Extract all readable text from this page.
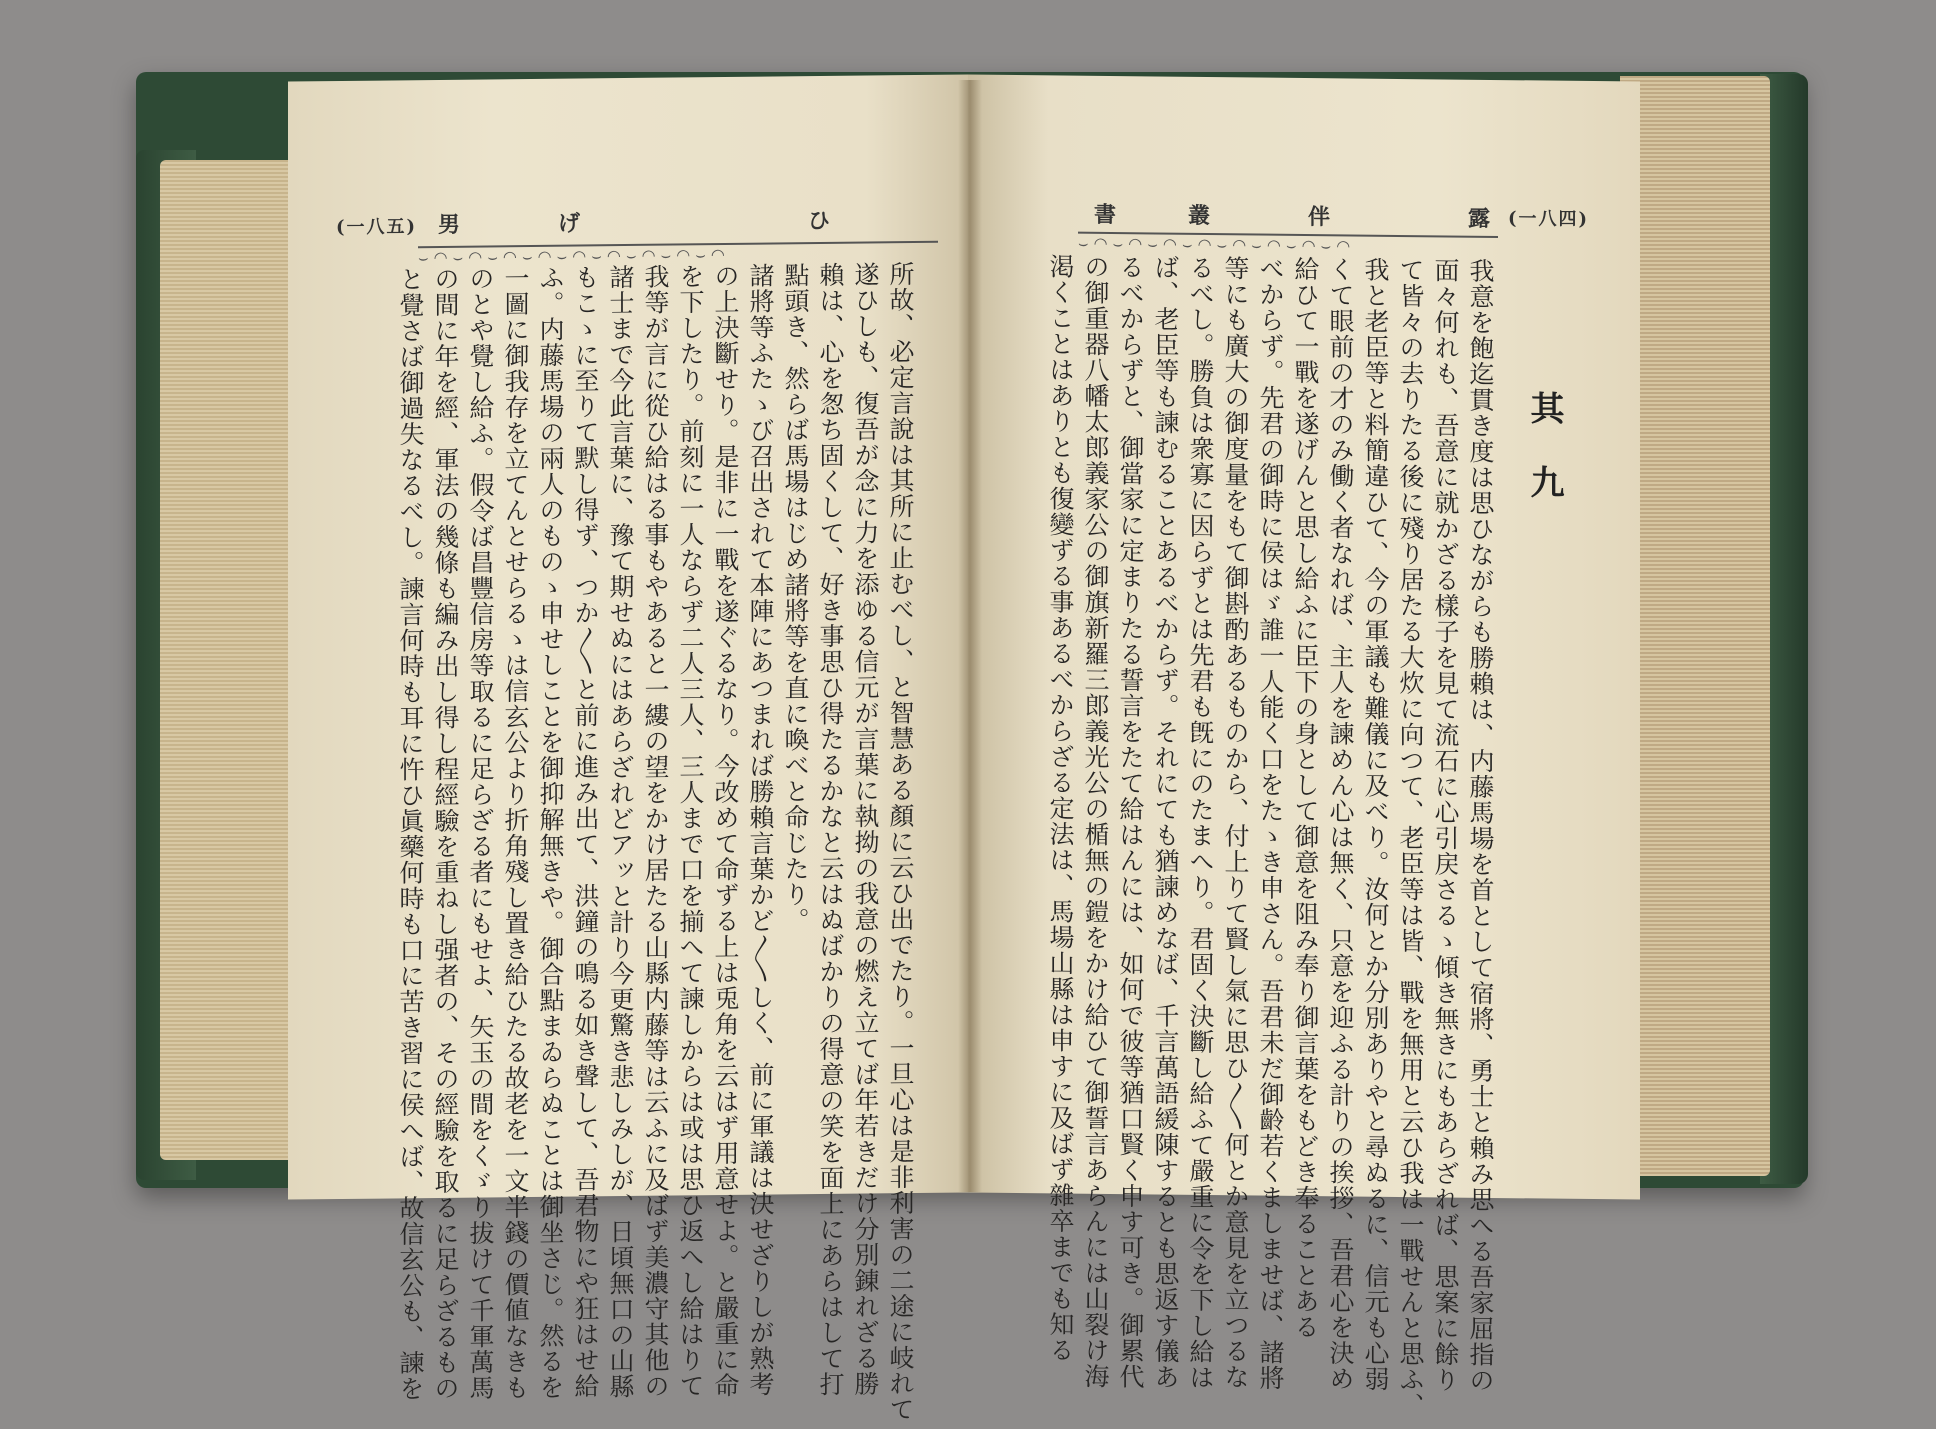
(一八五) 男	げ	ひ
⌣ ◠ ⌣ ◠ ⌣ ◠ ⌣ ◠ ⌣ ◠ ⌣ ◠ ⌣ ◠ ⌣ ◠ ⌣ ◠
所故、必定言說は其所に止むべし、と智慧ある顏に云ひ出でたり。一旦心は是非利害の二途に岐れて
遂ひしも、復吾が念に力を添ゆる信元が言葉に執拗の我意の燃え立てば年若きだけ分別錬れざる勝
賴は、心を怱ち固くして、好き事思ひ得たるかなと云はぬばかりの得意の笑を面上にあらはして打
點頭き、然らば馬場はじめ諸將等を直に喚べと命じたり。
諸將等ふたゝび召出されて本陣にあつまれば勝賴言葉かど〳〵しく、前に軍議は決せざりしが熟考
の上決斷せり。是非に一戰を遂ぐるなり。今改めて命ずる上は兎角を云はず用意せよ。と嚴重に命
を下したり。前刻に一人ならず二人三人、三人まで口を揃へて諫しからは或は思ひ返へし給はりて
我等が言に從ひ給はる事もやあると一縷の望をかけ居たる山縣内藤等は云ふに及ばず美濃守其他の
諸士まで今此言葉に、豫て期せぬにはあらざれどアッと計り今更驚き悲しみしが、日頃無口の山縣
もこゝに至りて默し得ず、つか〳〵と前に進み出て、洪鐘の鳴る如き聲して、吾君物にや狂はせ給
ふ。内藤馬場の兩人のものゝ申せしことを御抑解無きや。御合點まゐらぬことは御坐さじ。然るを
一圖に御我存を立てんとせらるゝは信玄公より折角殘し置き給ひたる故老を一文半錢の價値なきも
のとや覺し給ふ。假令ば昌豐信房等取るに足らざる者にもせよ、矢玉の間をくゞり拔けて千軍萬馬
の間に年を經、軍法の幾條も編み出し得し程經驗を重ねし强者の、その經驗を取るに足らざるもの
と覺さば御過失なるべし。諫言何時も耳に忤ひ眞藥何時も口に苦き習に侯へば、故信玄公も、諫を
書	叢	伴	露 (一八四)
⌣ ◠ ⌣ ◠ ⌣ ◠ ⌣ ◠ ⌣ ◠ ⌣ ◠ ⌣ ◠ ⌣ ◠
其九
我意を飽迄貫き度は思ひながらも勝賴は、内藤馬場を首として宿將、勇士と賴み思へる吾家屈指の
面々何れも、吾意に就かざる樣子を見て流石に心引戻さるゝ傾き無きにもあらざれば、思案に餘り
て皆々の去りたる後に殘り居たる大炊に向つて、老臣等は皆、戰を無用と云ひ我は一戰せんと思ふ、
我と老臣等と料簡違ひて、今の軍議も難儀に及べり。汝何とか分別ありやと尋ぬるに、信元も心弱
くて眼前の才のみ働く者なれば、主人を諫めん心は無く、只意を迎ふる計りの挨拶、吾君心を決め
給ひて一戰を遂げんと思し給ふに臣下の身として御意を阻み奉り御言葉をもどき奉ることある
べからず。先君の御時に侯はゞ誰一人能く口をたゝき申さん。吾君未だ御齡若くましませば、諸將
等にも廣大の御度量をもて御斟酌あるものから、付上りて賢し氣に思ひ〳〵何とか意見を立つるな
るべし。勝負は衆寡に因らずとは先君も旣にのたまへり。君固く決斷し給ふて嚴重に令を下し給は
ば、老臣等も諫むることあるべからず。それにても猶諫めなば、千言萬語緩陳するとも思返す儀あ
るべからずと、御當家に定まりたる誓言をたて給はんには、如何で彼等猶口賢く申す可き。御累代
の御重器八幡太郎義家公の御旗新羅三郎義光公の楯無の鎧をかけ給ひて御誓言あらんには山裂け海
渇くことはありとも復變ずる事あるべからざる定法は、馬場山縣は申すに及ばず雜卒までも知る
